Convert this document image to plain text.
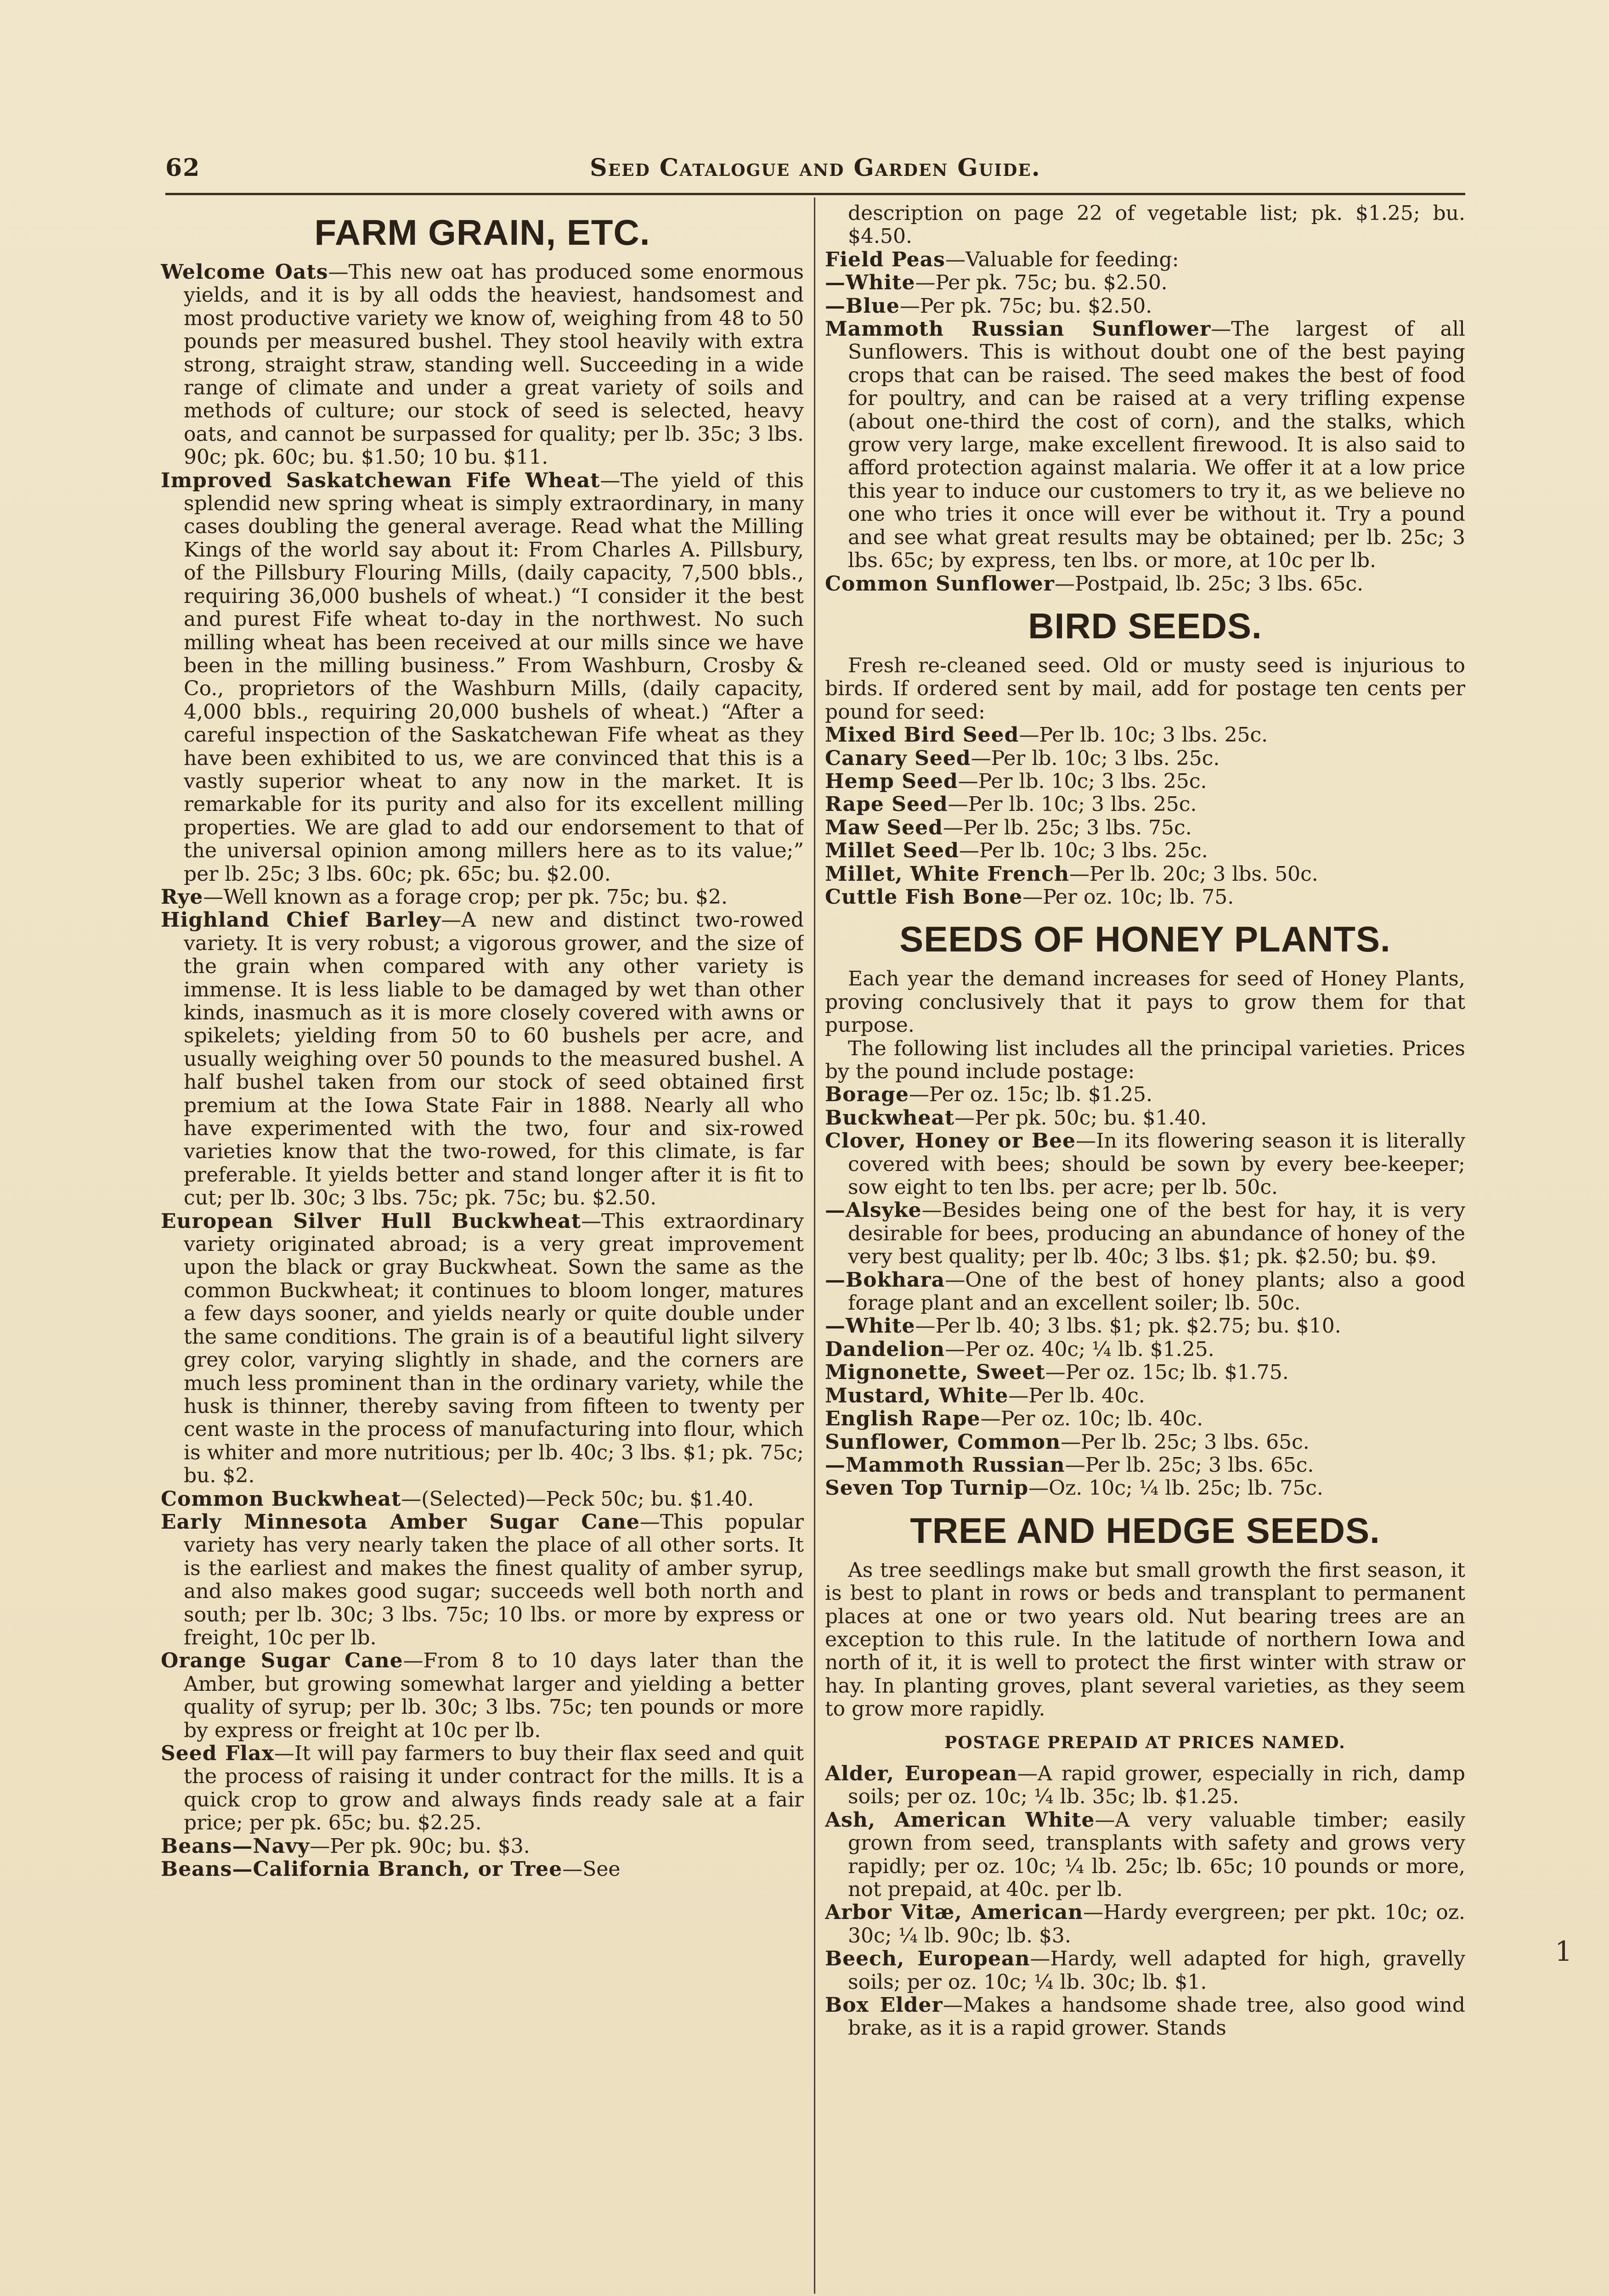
62	Seed Catalogue and Garden Guide.
FARM GRAIN, ETC.

Welcome Oats—This new oat has produced some enormous yields, and it is by all odds the heaviest, handsomest and most productive variety we know of, weighing from 48 to 50 pounds per measured bushel. They stool heavily with extra strong, straight straw, standing well. Succeeding in a wide range of climate and under a great variety of soils and methods of culture; our stock of seed is selected, heavy oats, and cannot be surpassed for quality; per lb. 35c; 3 lbs. 90c; pk. 60c; bu. $1.50; 10 bu. $11.

Improved Saskatchewan Fife Wheat—The yield of this splendid new spring wheat is simply extraordinary, in many cases doubling the general average. Read what the Milling Kings of the world say about it: From Charles A. Pillsbury, of the Pillsbury Flouring Mills, (daily capacity, 7,500 bbls., requiring 36,000 bushels of wheat.) “I consider it the best and purest Fife wheat to-day in the northwest. No such milling wheat has been received at our mills since we have been in the milling business.” From Washburn, Crosby & Co., proprietors of the Washburn Mills, (daily capacity, 4,000 bbls., requiring 20,000 bushels of wheat.) “After a careful inspection of the Saskatchewan Fife wheat as they have been exhibited to us, we are convinced that this is a vastly superior wheat to any now in the market. It is remarkable for its purity and also for its excellent milling properties. We are glad to add our endorsement to that of the universal opinion among millers here as to its value;” per lb. 25c; 3 lbs. 60c; pk. 65c; bu. $2.00.

Rye—Well known as a forage crop; per pk. 75c; bu. $2.

Highland Chief Barley—A new and distinct two-rowed variety. It is very robust; a vigorous grower, and the size of the grain when compared with any other variety is immense. It is less liable to be damaged by wet than other kinds, inasmuch as it is more closely covered with awns or spikelets; yielding from 50 to 60 bushels per acre, and usually weighing over 50 pounds to the measured bushel. A half bushel taken from our stock of seed obtained first premium at the Iowa State Fair in 1888. Nearly all who have experimented with the two, four and six-rowed varieties know that the two-rowed, for this climate, is far preferable. It yields better and stand longer after it is fit to cut; per lb. 30c; 3 lbs. 75c; pk. 75c; bu. $2.50.

European Silver Hull Buckwheat—This extraordinary variety originated abroad; is a very great improvement upon the black or gray Buckwheat. Sown the same as the common Buckwheat; it continues to bloom longer, matures a few days sooner, and yields nearly or quite double under the same conditions. The grain is of a beautiful light silvery grey color, varying slightly in shade, and the corners are much less prominent than in the ordinary variety, while the husk is thinner, thereby saving from fifteen to twenty per cent waste in the process of manufacturing into flour, which is whiter and more nutritious; per lb. 40c; 3 lbs. $1; pk. 75c; bu. $2.

Common Buckwheat—(Selected)—Peck 50c; bu. $1.40.

Early Minnesota Amber Sugar Cane—This popular variety has very nearly taken the place of all other sorts. It is the earliest and makes the finest quality of amber syrup, and also makes good sugar; succeeds well both north and south; per lb. 30c; 3 lbs. 75c; 10 lbs. or more by express or freight, 10c per lb.

Orange Sugar Cane—From 8 to 10 days later than the Amber, but growing somewhat larger and yielding a better quality of syrup; per lb. 30c; 3 lbs. 75c; ten pounds or more by express or freight at 10c per lb.

Seed Flax—It will pay farmers to buy their flax seed and quit the process of raising it under contract for the mills. It is a quick crop to grow and always finds ready sale at a fair price; per pk. 65c; bu. $2.25.

Beans—Navy—Per pk. 90c; bu. $3.

Beans—California Branch, or Tree—See

description on page 22 of vegetable list; pk. $1.25; bu. $4.50.

Field Peas—Valuable for feeding:

—White—Per pk. 75c; bu. $2.50.

—Blue—Per pk. 75c; bu. $2.50.

Mammoth Russian Sunflower—The largest of all Sunflowers. This is without doubt one of the best paying crops that can be raised. The seed makes the best of food for poultry, and can be raised at a very trifling expense (about one-third the cost of corn), and the stalks, which grow very large, make excellent firewood. It is also said to afford protection against malaria. We offer it at a low price this year to induce our customers to try it, as we believe no one who tries it once will ever be without it. Try a pound and see what great results may be obtained; per lb. 25c; 3 lbs. 65c; by express, ten lbs. or more, at 10c per lb.

Common Sunflower—Postpaid, lb. 25c; 3 lbs. 65c.

BIRD SEEDS.

Fresh re-cleaned seed. Old or musty seed is injurious to birds. If ordered sent by mail, add for postage ten cents per pound for seed:

Mixed Bird Seed—Per lb. 10c; 3 lbs. 25c.

Canary Seed—Per lb. 10c; 3 lbs. 25c.

Hemp Seed—Per lb. 10c; 3 lbs. 25c.

Rape Seed—Per lb. 10c; 3 lbs. 25c.

Maw Seed—Per lb. 25c; 3 lbs. 75c.

Millet Seed—Per lb. 10c; 3 lbs. 25c.

Millet, White French—Per lb. 20c; 3 lbs. 50c.

Cuttle Fish Bone—Per oz. 10c; lb. 75.

SEEDS OF HONEY PLANTS.

Each year the demand increases for seed of Honey Plants, proving conclusively that it pays to grow them for that purpose.

The following list includes all the principal varieties. Prices by the pound include postage:

Borage—Per oz. 15c; lb. $1.25.

Buckwheat—Per pk. 50c; bu. $1.40.

Clover, Honey or Bee—In its flowering season it is literally covered with bees; should be sown by every bee-keeper; sow eight to ten lbs. per acre; per lb. 50c.

—Alsyke—Besides being one of the best for hay, it is very desirable for bees, producing an abundance of honey of the very best quality; per lb. 40c; 3 lbs. $1; pk. $2.50; bu. $9.

—Bokhara—One of the best of honey plants; also a good forage plant and an excellent soiler; lb. 50c.

—White—Per lb. 40; 3 lbs. $1; pk. $2.75; bu. $10.

Dandelion—Per oz. 40c; ¼ lb. $1.25.

Mignonette, Sweet—Per oz. 15c; lb. $1.75.

Mustard, White—Per lb. 40c.

English Rape—Per oz. 10c; lb. 40c.

Sunflower, Common—Per lb. 25c; 3 lbs. 65c.

—Mammoth Russian—Per lb. 25c; 3 lbs. 65c.

Seven Top Turnip—Oz. 10c; ¼ lb. 25c; lb. 75c.

TREE AND HEDGE SEEDS.

As tree seedlings make but small growth the first season, it is best to plant in rows or beds and transplant to permanent places at one or two years old. Nut bearing trees are an exception to this rule. In the latitude of northern Iowa and north of it, it is well to protect the first winter with straw or hay. In planting groves, plant several varieties, as they seem to grow more rapidly.

POSTAGE PREPAID AT PRICES NAMED.

Alder, European—A rapid grower, especially in rich, damp soils; per oz. 10c; ¼ lb. 35c; lb. $1.25.

Ash, American White—A very valuable timber; easily grown from seed, transplants with safety and grows very rapidly; per oz. 10c; ¼ lb. 25c; lb. 65c; 10 pounds or more, not prepaid, at 40c. per lb.

Arbor Vitæ, American—Hardy evergreen; per pkt. 10c; oz. 30c; ¼ lb. 90c; lb. $3.

Beech, European—Hardy, well adapted for high, gravelly soils; per oz. 10c; ¼ lb. 30c; lb. $1.

Box Elder—Makes a handsome shade tree, also good wind brake, as it is a rapid grower. Stands

1
